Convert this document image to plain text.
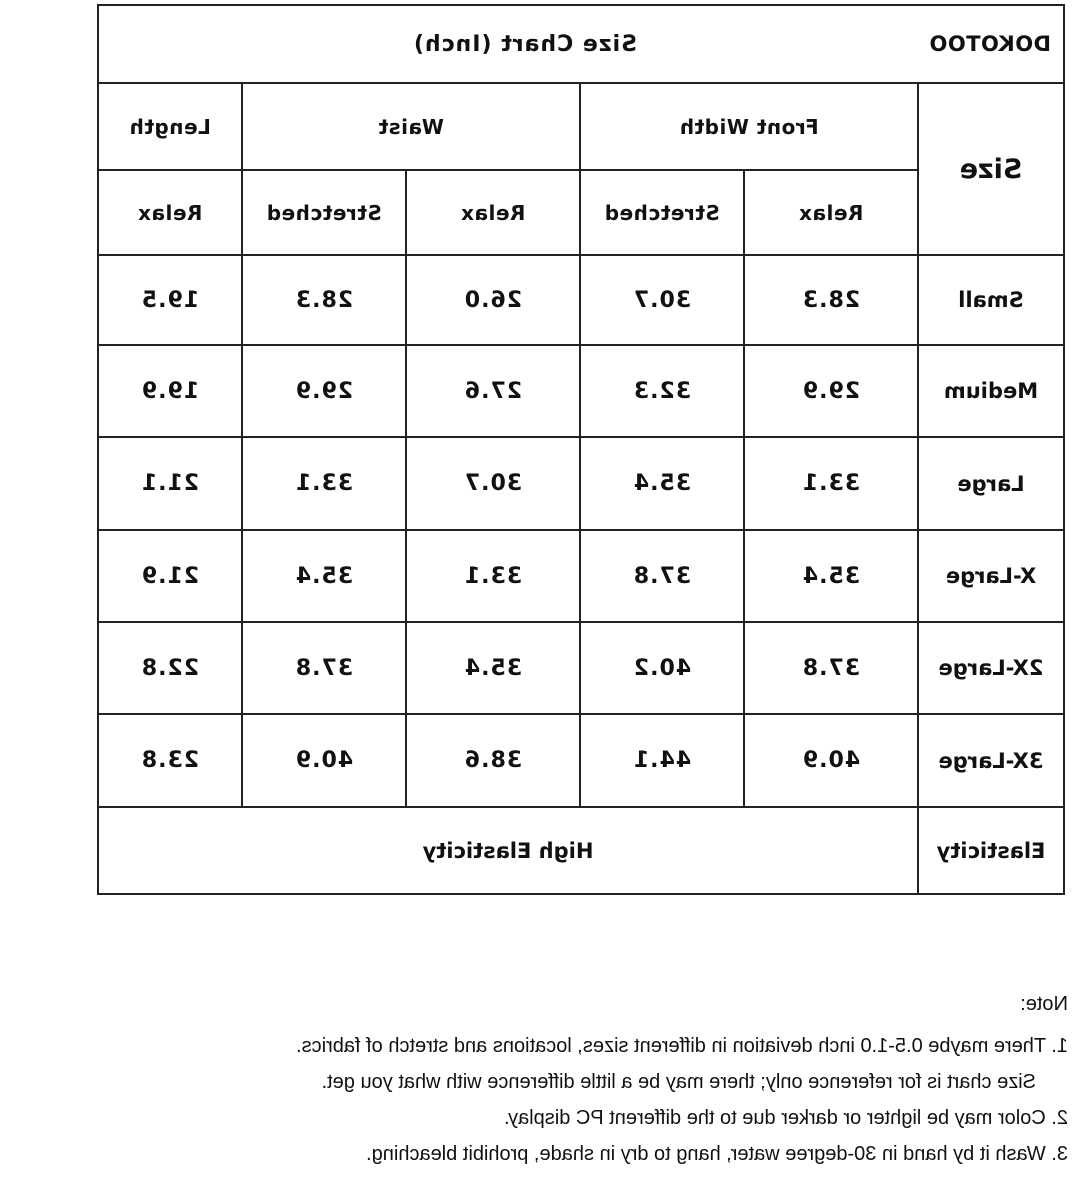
DOKOTOO
Size Chart (Inch)
Size
Front Width
Waist
Length
Relax
Stretched
Relax
Stretched
Relax
Small
28.3
30.7
26.0
28.3
19.5
Medium
29.9
32.3
27.6
29.9
19.9
Large
33.1
35.4
30.7
33.1
21.1
X-Large
35.4
37.8
33.1
35.4
21.9
2X-Large
37.8
40.2
35.4
37.8
22.8
3X-Large
40.9
44.1
38.6
40.9
23.8
Elasticity
High Elasticity
Note:
1. There maybe 0.5-1.0 inch deviation in different sizes, locations and stretch of fabrics.
Size chart is for reference only; there may be a little difference with what you get.
2. Color may be lighter or darker due to the different PC display.
3. Wash it by hand in 30-degree water, hang to dry in shade, prohibit bleaching.
